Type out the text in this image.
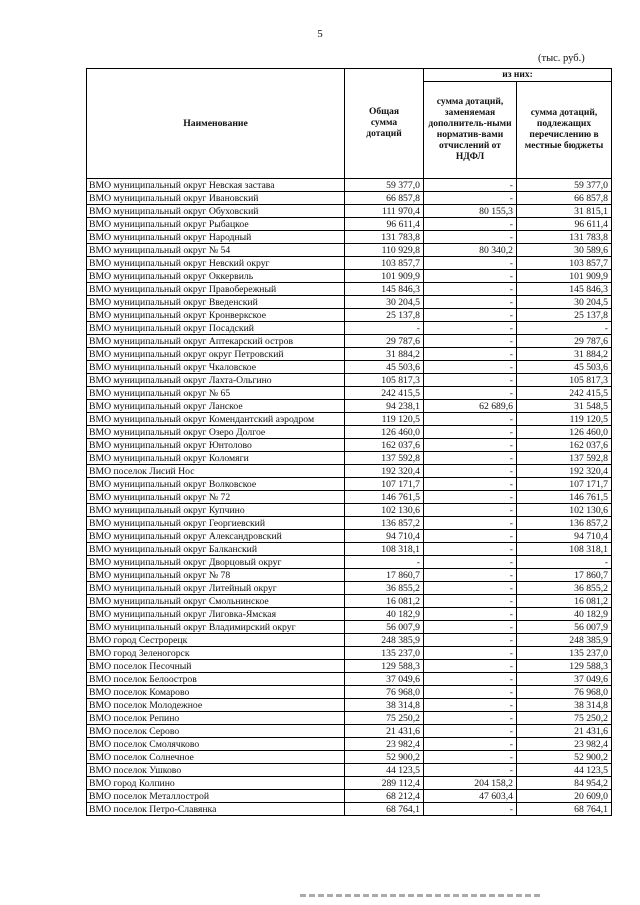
5
(тыс. руб.)
Наименование	Общая сумма дотаций	из них:	
		сумма дотаций, заменяемая дополнитель-ными норматив-вами отчислений от НДФЛ	сумма дотаций, подлежащих перечислению в местные бюджеты
ВМО муниципальный округ Невская застава	59 377,0	-	59 377,0
ВМО муниципальный округ Ивановский	66 857,8	-	66 857,8
ВМО муниципальный округ Обуховский	111 970,4	80 155,3	31 815,1
ВМО муниципальный округ Рыбацкое	96 611,4	-	96 611,4
ВМО муниципальный округ Народный	131 783,8	-	131 783,8
ВМО муниципальный округ № 54	110 929,8	80 340,2	30 589,6
ВМО муниципальный округ Невский округ	103 857,7	-	103 857,7
ВМО муниципальный округ Оккервиль	101 909,9	-	101 909,9
ВМО муниципальный округ Правобережный	145 846,3	-	145 846,3
ВМО муниципальный округ Введенский	30 204,5	-	30 204,5
ВМО муниципальный округ Кронверкское	25 137,8	-	25 137,8
ВМО муниципальный округ Посадский	-	-	-
ВМО муниципальный округ Аптекарский остров	29 787,6	-	29 787,6
ВМО муниципальный округ округ Петровский	31 884,2	-	31 884,2
ВМО муниципальный округ Чкаловское	45 503,6	-	45 503,6
ВМО муниципальный округ Лахта-Ольгино	105 817,3	-	105 817,3
ВМО муниципальный округ № 65	242 415,5	-	242 415,5
ВМО муниципальный округ Ланское	94 238,1	62 689,6	31 548,5
ВМО муниципальный округ Комендантский аэродром	119 120,5	-	119 120,5
ВМО муниципальный округ Озеро Долгое	126 460,0	-	126 460,0
ВМО муниципальный округ Юнтолово	162 037,6	-	162 037,6
ВМО муниципальный округ Коломяги	137 592,8	-	137 592,8
ВМО поселок Лисий Нос	192 320,4	-	192 320,4
ВМО муниципальный округ Волковское	107 171,7	-	107 171,7
ВМО муниципальный округ № 72	146 761,5	-	146 761,5
ВМО муниципальный округ Купчино	102 130,6	-	102 130,6
ВМО муниципальный округ Георгиевский	136 857,2	-	136 857,2
ВМО муниципальный округ Александровский	94 710,4	-	94 710,4
ВМО муниципальный округ Балканский	108 318,1	-	108 318,1
ВМО муниципальный округ Дворцовый округ	-	-	-
ВМО муниципальный округ № 78	17 860,7	-	17 860,7
ВМО муниципальный округ Литейный округ	36 855,2	-	36 855,2
ВМО муниципальный округ Смольнинское	16 081,2	-	16 081,2
ВМО муниципальный округ Лиговка-Ямская	40 182,9	-	40 182,9
ВМО муниципальный округ Владимирский округ	56 007,9	-	56 007,9
ВМО город Сестрорецк	248 385,9	-	248 385,9
ВМО город Зеленогорск	135 237,0	-	135 237,0
ВМО поселок Песочный	129 588,3	-	129 588,3
ВМО поселок Белоостров	37 049,6	-	37 049,6
ВМО поселок Комарово	76 968,0	-	76 968,0
ВМО поселок Молодежное	38 314,8	-	38 314,8
ВМО поселок Репино	75 250,2	-	75 250,2
ВМО поселок Серово	21 431,6	-	21 431,6
ВМО поселок Смолячково	23 982,4	-	23 982,4
ВМО поселок Солнечное	52 900,2	-	52 900,2
ВМО поселок Ушково	44 123,5	-	44 123,5
ВМО город Колпино	289 112,4	204 158,2	84 954,2
ВМО поселок Металлострой	68 212,4	47 603,4	20 609,0
ВМО поселок Петро-Славянка	68 764,1	-	68 764,1
